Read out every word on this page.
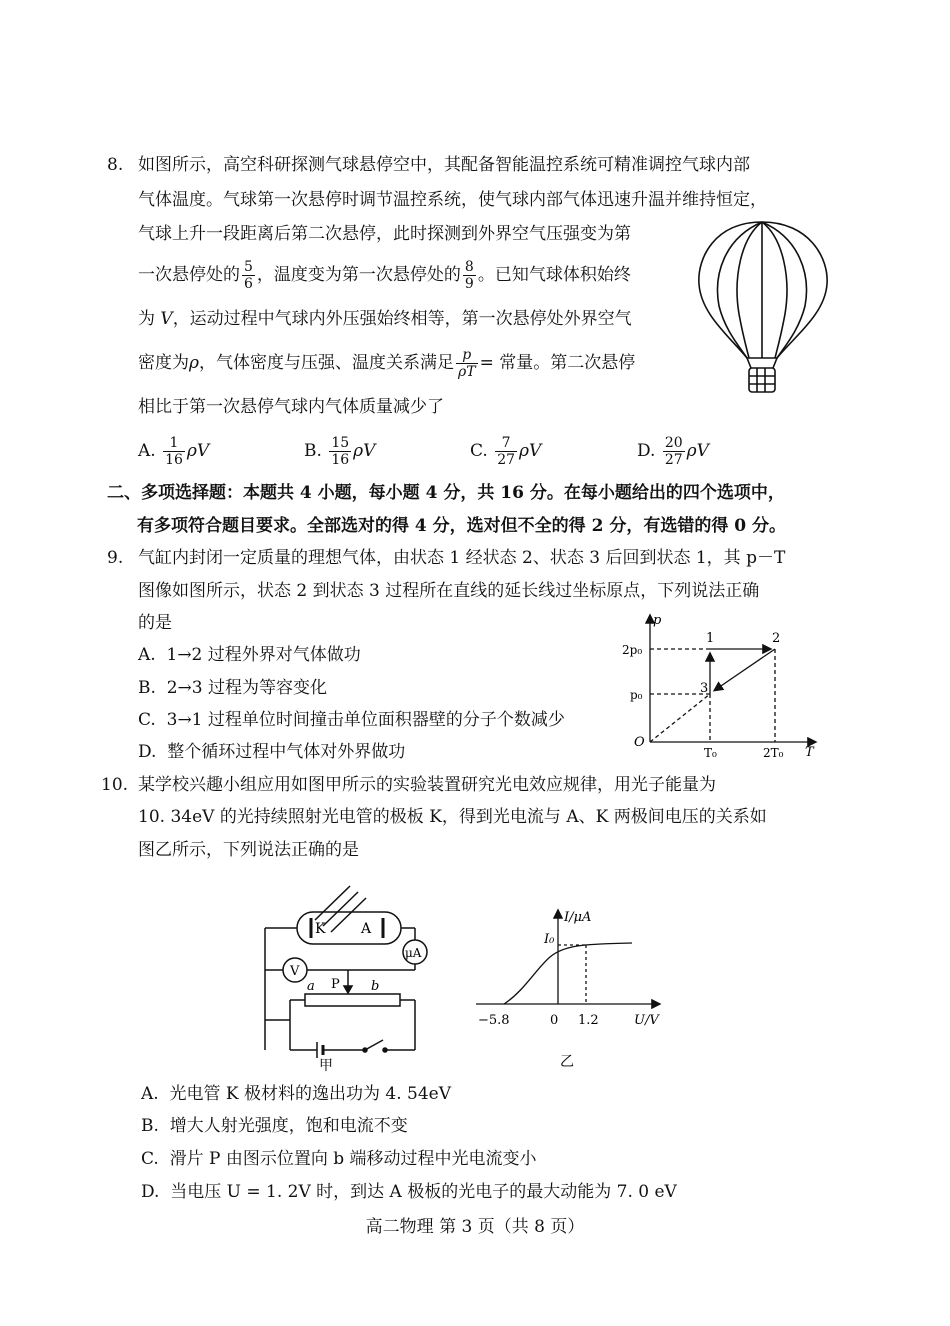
8. 如图所示，高空科研探测气球悬停空中，其配备智能温控系统可精准调控气球内部
气体温度。气球第一次悬停时调节温控系统，使气球内部气体迅速升温并维持恒定，
气球上升一段距离后第二次悬停，此时探测到外界空气压强变为第
一次悬停处的 $\frac{5}{6}$ ，温度变为第一次悬停处的 $\frac{8}{9}$ 。已知气球体积始终
为 V，运动过程中气球内外压强始终相等，第一次悬停处外界空气
密度为ρ，气体密度与压强、温度关系满足 $\frac{p}{\rho T}$ = 常量。第二次悬停
相比于第一次悬停气球内气体质量减少了
A. $\frac{1}{16}$ ρV	B. $\frac{15}{16}$ ρV	C. $\frac{7}{27}$ ρV	D. $\frac{20}{27}$ ρV
二、多项选择题：本题共 4 小题，每小题 4 分，共 16 分。在每小题给出的四个选项中，
有多项符合题目要求。全部选对的得 4 分，选对但不全的得 2 分，有选错的得 0 分。
9. 气缸内封闭一定质量的理想气体，由状态 1 经状态 2、状态 3 后回到状态 1，其 p－T
图像如图所示，状态 2 到状态 3 过程所在直线的延长线过坐标原点，下列说法正确
的是
A. 1→2 过程外界对气体做功
B. 2→3 过程为等容变化
C. 3→1 过程单位时间撞击单位面积器壁的分子个数减少
D. 整个循环过程中气体对外界做功
p
T
O
2p₀
p₀
T₀	2T₀
1	2
3
10. 某学校兴趣小组应用如图甲所示的实验装置研究光电效应规律，用光子能量为
10. 34eV 的光持续照射光电管的极板 K，得到光电流与 A、K 两极间电压的关系如
图乙所示，下列说法正确的是
K	A
μA
V
P
a	b
甲
I/μA
U/V
I₀
−5.8	0 1.2
乙
A. 光电管 K 极材料的逸出功为 4. 54eV
B. 增大人射光强度，饱和电流不变
C. 滑片 P 由图示位置向 b 端移动过程中光电流变小
D. 当电压 U = 1. 2V 时，到达 A 极板的光电子的最大动能为 7. 0 eV
高二物理 第 3 页（共 8 页）
